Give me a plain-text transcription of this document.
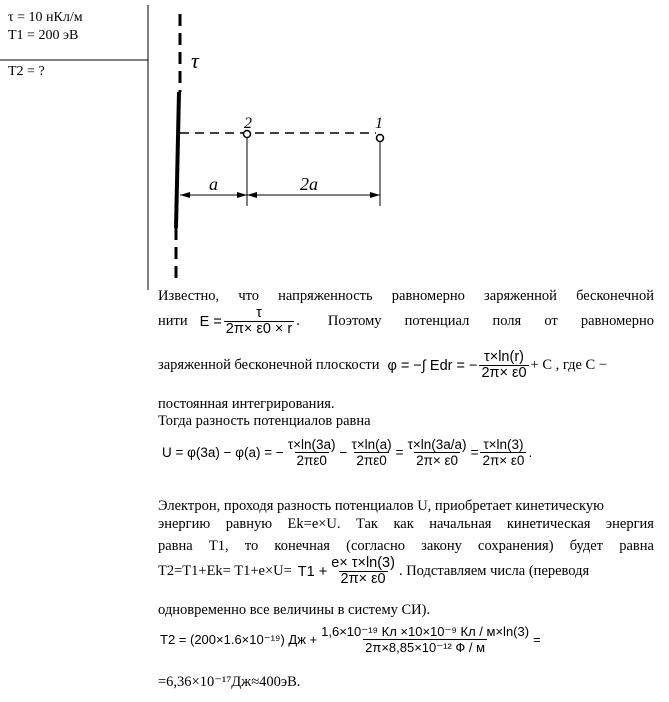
τ = 10 нКл/м
T1 = 200 эВ
T2 = ?	τ
2	1
a	2a
Известно, что напряженность равномерно заряженной бесконечной
нити $E = \frac{\tau}{2\pi\times \varepsilon 0 \times r}$ . Поэтому потенциал поля от равномерно
заряженной бесконечной плоскости φ = −∫ Edr = − $\frac{\tau\times\ln(r)}{2\pi\times \varepsilon 0} + C$ , где C −
постоянная интегрирования.
Тогда разность потенциалов равна
U = φ(3a) − φ(a) = − $\frac{\tau\times\ln(3a)}{2\pi\varepsilon 0} - \frac{\tau\times\ln(a)}{2\pi\varepsilon 0} = \frac{\tau\times\ln(3a/a)}{2\pi\times \varepsilon 0} = \frac{\tau\times\ln(3)}{2\pi\times \varepsilon 0}$ .
Электрон, проходя разность потенциалов U, приобретает кинетическую
энергию равную Ek=e×U. Так как начальная кинетическая энергия
равна T1, то конечная (согласно закону сохранения) будет равна
$T2=T1+Ek= T1+e\times U= T1 + \frac{e\times \tau\times\ln(3)}{2\pi\times \varepsilon 0}$ . Подставляем числа (переводя
одновременно все величины в систему СИ).
T2 = (200×1.6×10⁻¹⁹) Дж + $\frac{\text{1,6×10⁻¹⁹ Кл ×10×10⁻⁹ Кл / м×ln(3)}}{\text{2π×8,85×10⁻¹² Ф / м}}$ =
=6,36×10⁻¹⁷Дж≈400эВ.
